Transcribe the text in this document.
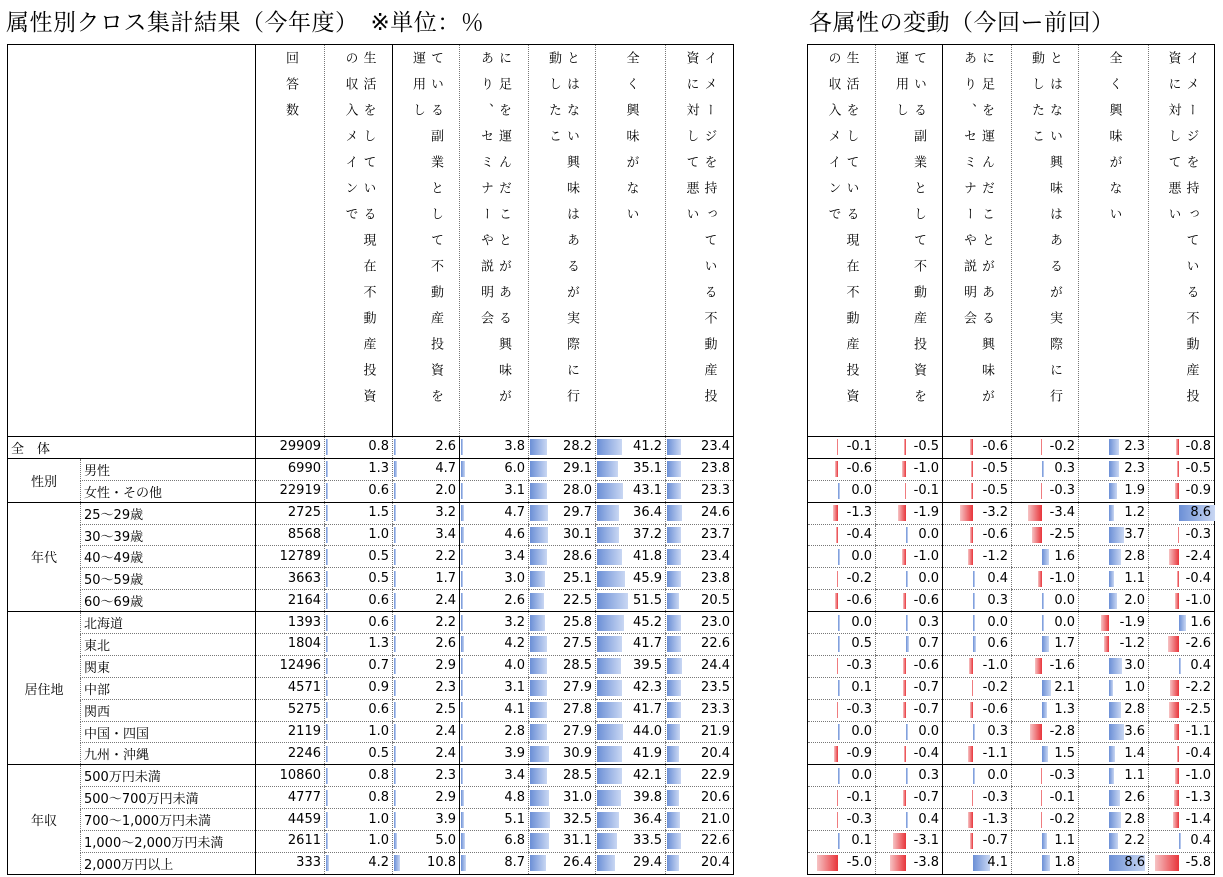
属性別クロス集計結果（今年度）　※単位：％	各属性の変動（今回ー前回）

		回答数	生活をしている現在不動産投資の収入メインで	ている副業として不動産投資を運用し	に足を運んだことがある興味があり、セミナーや説明会	とはない興味はあるが実際に行動したこ	全く興味がない	イメージを持っている不動産投資に対して悪い

全　体		29909	0.8	2.6	3.8	28.2	41.2	23.4

性別	男性	6990	1.3	4.7	6.0	29.1	35.1	23.8

	女性・その他	22919	0.6	2.0	3.1	28.0	43.1	23.3

年代	25～29歳	2725	1.5	3.2	4.7	29.7	36.4	24.6

	30～39歳	8568	1.0	3.4	4.6	30.1	37.2	23.7

	40～49歳	12789	0.5	2.2	3.4	28.6	41.8	23.4

	50～59歳	3663	0.5	1.7	3.0	25.1	45.9	23.8

	60～69歳	2164	0.6	2.4	2.6	22.5	51.5	20.5

居住地	北海道	1393	0.6	2.2	3.2	25.8	45.2	23.0

	東北	1804	1.3	2.6	4.2	27.5	41.7	22.6

	関東	12496	0.7	2.9	4.0	28.5	39.5	24.4

	中部	4571	0.9	2.3	3.1	27.9	42.3	23.5

	関西	5275	0.6	2.5	4.1	27.8	41.7	23.3

	中国・四国	2119	1.0	2.4	2.8	27.9	44.0	21.9

	九州・沖縄	2246	0.5	2.4	3.9	30.9	41.9	20.4

年収	500万円未満	10860	0.8	2.3	3.4	28.5	42.1	22.9

	500～700万円未満	4777	0.8	2.9	4.8	31.0	39.8	20.6

	700～1,000万円未満	4459	1.0	3.9	5.1	32.5	36.4	21.0

	1,000～2,000万円未満	2611	1.0	5.0	6.8	31.1	33.5	22.6

	2,000万円以上	333	4.2	10.8	8.7	26.4	29.4	20.4
生活をしている現在不動産投資の収入メインで	ている副業として不動産投資を運用し	に足を運んだことがある興味があり、セミナーや説明会	とはない興味はあるが実際に行動したこ	全く興味がない	イメージを持っている不動産投資に対して悪い

-0.1	-0.5	-0.6	-0.2	2.3	-0.8

-0.6	-1.0	-0.5	0.3	2.3	-0.5

0.0	-0.1	-0.5	-0.3	1.9	-0.9

-1.3	-1.9	-3.2	-3.4	1.2	8.6

-0.4	0.0	-0.6	-2.5	3.7	-0.3

0.0	-1.0	-1.2	1.6	2.8	-2.4

-0.2	0.0	0.4	-1.0	1.1	-0.4

-0.6	-0.6	0.3	0.0	2.0	-1.0

0.0	0.3	0.0	0.0	-1.9	1.6

0.5	0.7	0.6	1.7	-1.2	-2.6

-0.3	-0.6	-1.0	-1.6	3.0	0.4

0.1	-0.7	-0.2	2.1	1.0	-2.2

-0.3	-0.7	-0.6	1.3	2.8	-2.5

0.0	0.0	0.3	-2.8	3.6	-1.1

-0.9	-0.4	-1.1	1.5	1.4	-0.4

0.0	0.3	0.0	-0.3	1.1	-1.0

-0.1	-0.7	-0.3	-0.1	2.6	-1.3

-0.3	0.4	-1.3	-0.2	2.8	-1.4

0.1	-3.1	-0.7	1.1	2.2	0.4

-5.0	-3.8	4.1	1.8	8.6	-5.8
